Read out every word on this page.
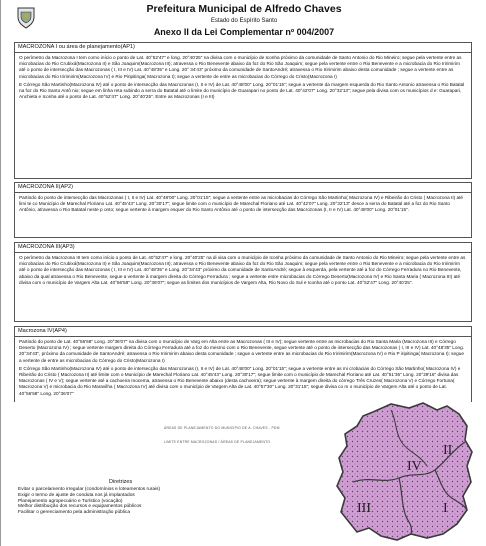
Prefeitura Municipal de Alfredo Chaves
Estado do Espírito Santo
Anexo II da Lei Complementar nº 004/2007
MACROZONA I ou área de planejamento(AP1)

O perímetro da Macrozona I tem como início o ponto de Lat. 40°52'47" e long. 20°40'25" na divisa com o município de Iconha próximo da comunidade de Santo Antonio do Rio Mineiro; segue pela vertente entre as microbacias do Rio Crubixá(Macrozona II) e São Joaquim(Macrozona III); atravessa o Rio Benevente abaixo da foz do Rio São Joaquim; segue pela vertente entre o Rio Benevente e a microbacia do Rio Iririmirim até o ponto de intersecção das Macrozonas ( I, III e IV) Lat. 40°48'35" e Long. 20° 34'43" próximo da comunidade de SantoAndré; atravessa o Rio Iririmirim abaixo desta comunidade ; segue a vertente entre as microbacias do Rio Iririmirim(Macrozona IV) e Rio Piripitinga( Macrozona I); segue a vertente de entre as microbacias do Córrego do Cristo(Macrozona I)

E Córrego São Martinho(Macrozona IV) até o ponto de intersecção das Macrozonas (I, II e IV) de Lat. 40°48'00" Long. 20°01'15"; segue a vertente da margem esquerda do Rio Santo Antonio atravessa o Rio Batatal na foz do Rio Santo Antô nio; segue em linha reta subindo a serra do Batatal até o limite do município de Guarapari no ponto de Lat. 40°42'07" Long. 20°32'13"; segue pela divisa com os municípios d e: Guarapari, Anchieta e Iconha até o ponto de Lat. 40°52'47" Long. 20°40'25". Entre as Macrozonas (I e III)

MACROZONA II(AP2)

Partindo do ponto de intersecção das Macrozonas ( I, II e IV) Lat. 40°48'00" Long. 20°01'15"; segue a vertente entre as microbacias do Córrego São Martinho( Macrozona IV) e Ribeirão do Cristo ( Macrozona II) até limi te co Município de Marechal Floriano Lat. 40°45'43" Long. 20°30'17"; segue limite com o município de Marechal Floriano até Lat. 40°42'07" Long. 20°32'13" desce a serra do Batatal até a foz do Rio Santo Antônio, atravessa o Rio Batatal neste p onto; segue vertente à margem esquer do Rio Santo Antônio até o ponto de intersecção das Macrozonas (I, II e IV) Lat. 40°48'00" Long. 20°01'15".

MACROZONA III(AP3)

O perímetro da Macrozona III tem como início o ponto de Lat. 40°52'47" e long. 20°40'25" na di visa com o município de Iconha próximo da comunidade de Santo Antonio do Rio Mineiro; segue pela vertente entre as microbacias do Rio Crubixá(Macrozona II) e São Joaquim(Macrozona III); atravessa o Rio Benevente abaixo da foz do Rio São Joaquim; segue pela vertente entre o Rio Benevente e a microbacia do Rio Iririmirim até o ponto de intersecção das Macrozonas ( I, III e IV) Lat. 40°48'35" e Long. 20°34'43" próximo da comunidade de SantoAndré; segue à esquerda, pela vertente até a foz do Córrego Ferradura no Rio Benevente, abaixo da qual atravessa o Rio Benevente, segue a vertente à margem direita do Córrego Ferradura ; segue a vertente entre microbacias do Córrego Deserto(Macrozona IV) e Rio Santa Maria ( Macrozona III) até divisa com o município de Vargem Alta Lat. 40°56'58" Long. 20°36'07"; segue as limites dos municípios de Vargem Alta, Rio Novo do Sul e Iconha até o ponto Lat. 40°52'47" Long. 20°40'25".

Macrozona IV(AP4)

Partindo do ponto de Lat. 40°56'58" Long. 20°36'07" na divisa com o município de Varg em Alta entre as Macrozonas ( III e IV); segue vertente entre as microbacias do Rio Santa Maria (Macrozona III) e Córrego Deserto (Macrozona IV) ; segue vertente margem direita do Córrego Ferradura até a foz do mesmo com o Rio Benevente, segue vertente até o ponto de intersecção das Macrozonas ( I, III e IV) Lat. 40°48'35" Long. 20°34'43", próximo da comunidade de SantoAndré; atravessa o Rio Iririmirim abaixo desta comunidade ; segue a vertente entre as microbacias do Rio Iririmirim(Macrozona IV) e Rio P iripitinga( Macrozona I); segue a vertente de entre as microbacias do Córrego do Cristo(Macrozona I)

E Córrego São Martinho(Macrozona IV) até o ponto de intersecção das Macrozonas (I, II e IV) de Lat. 40°48'00" Long. 20°01'15"; segue a vertente entre as mi crobacias do Córrego São Martinho( Macrozona IV) e Ribeirão do Cristo ( Macrozona II) até limite com o Município de Marechal Floriano Lat. 40°45'43" Long. 20°30'17"; segue limite com o município de Marechal Floriano até Lat. 40°51'36" Long. 20°29'16" divisa das Macrozonas ( IV e V); segue vertente até a cachoeira Inocema, atravessa o Rio Benevente abaixo (desta cachoeira); segue vertente à margem direita do córrego Três Cruzes( Macrozona V) e Córrego Fortuna( Macrozona V) e microbacia do Rio Maravilha ( Macrozona IV) até divisa com o município de Vargem Alta de Lat. 40°57'30" Long. 20°31'15"; segue divisa co m o município de Vargem Alta até o ponto de Lat. 40°56'58" Long. 20°36'07"

ÁREAS DE PLANEJAMENTO DO MUNICÍPIO DE A. CHAVES - PDM
LIMITE ENTRE MACROZONAS / ÁREAS DE PLANEJAMENTO
I
II
III
IV
Diretrizes
Evitar o parcelamento irregular (condomínios e loteamentos rurais)
Exigir o termo de ajuste de conduta nos já implantados
Planejamento agropecuário e Turístico (vocação)
Melhor distribuição dos recursos e equipamentos públicos
Facilitar o gerenciamento pela administração pública
